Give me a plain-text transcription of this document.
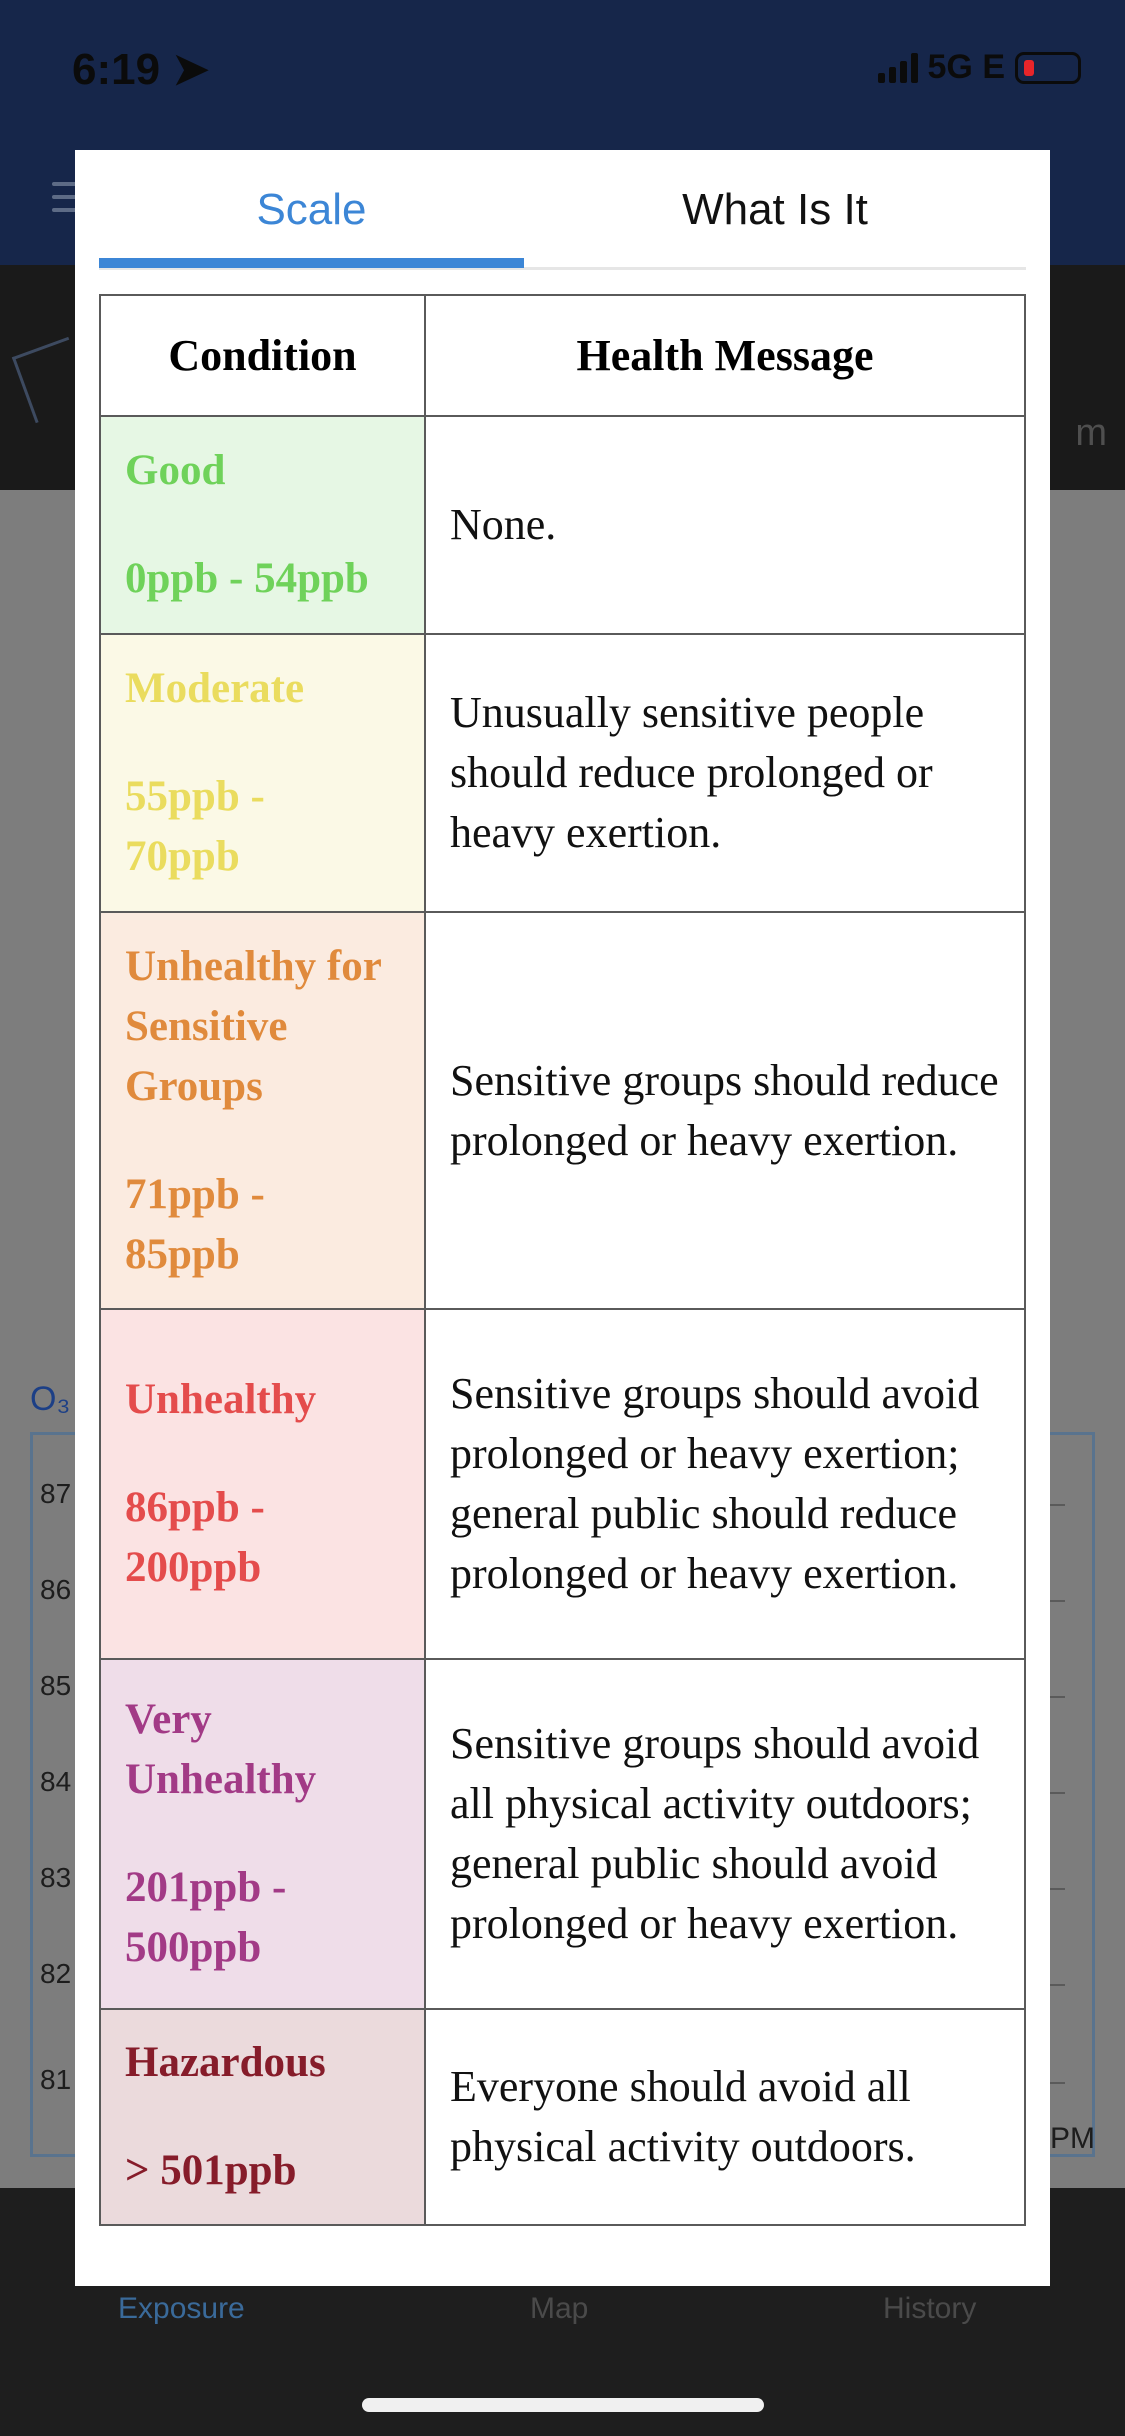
6:19 ➤	5G E
m
O₃
87
86
85
84
83
82
81
PM
Exposure	Map	History
Scale	What Is It
Condition	Health Message

Good
0ppb - 54ppb	None.

Moderate
55ppb - 70ppb	Unusually sensitive people should reduce prolonged or heavy exertion.

Unhealthy for Sensitive Groups
71ppb - 85ppb	Sensitive groups should reduce prolonged or heavy exertion.

Unhealthy
86ppb - 200ppb	Sensitive groups should avoid prolonged or heavy exertion; general public should reduce prolonged or heavy exertion.

Very Unhealthy
201ppb - 500ppb	Sensitive groups should avoid all physical activity outdoors; general public should avoid prolonged or heavy exertion.

Hazardous
> 501ppb	Everyone should avoid all physical activity outdoors.
